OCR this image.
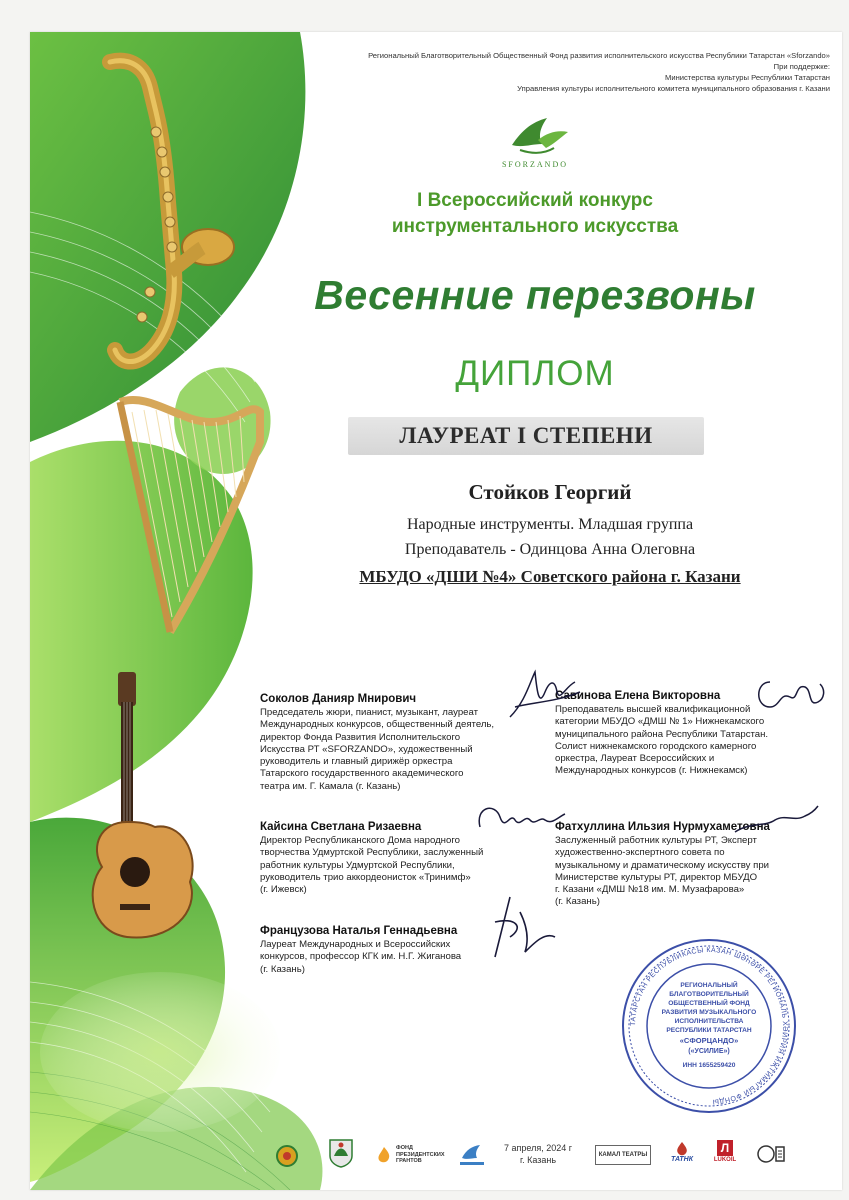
Региональный Благотворительный Общественный Фонд развития исполнительского искусства Республики Татарстан «Sforzando»
При поддержке:
Министерства культуры Республики Татарстан
Управления культуры исполнительного комитета муниципального образования г. Казани
SFORZANDO
I Всероссийский конкурс
инструментального искусства
Весенние перезвоны
ДИПЛОМ
ЛАУРЕАТ I СТЕПЕНИ
Стойков Георгий
Народные инструменты. Младшая группа
Преподаватель - Одинцова Анна Олеговна
МБУДО «ДШИ №4» Советского района г. Казани
Соколов Данияр Мнирович
Председатель жюри, пианист, музыкант, лауреат
Международных конкурсов, общественный деятель,
директор Фонда Развития Исполнительского
Искусства РТ «SFORZANDO», художественный
руководитель и главный дирижёр оркестра
Татарского государственного академического
театра им. Г. Камала (г. Казань)
Савинова Елена Викторовна
Преподаватель высшей квалификационной
категории МБУДО «ДМШ № 1» Нижнекамского
муниципального района Республики Татарстан.
Солист нижнекамского городского камерного
оркестра, Лауреат Всероссийских и
Международных конкурсов (г. Нижнекамск)
Кайсина Светлана Ризаевна
Директор Республиканского Дома народного
творчества Удмуртской Республики, заслуженный
работник культуры Удмуртской Республики,
руководитель трио аккордеонисток «Тринимф»
(г. Ижевск)
Фатхуллина Ильзия Нурмухаметовна
Заслуженный работник культуры РТ, Эксперт
художественно-экспертного совета по
музыкальному и драматическому искусству при
Министерстве культуры РТ, директор МБУДО
г. Казани «ДМШ №18 им. М. Музафарова»
(г. Казань)
Французова Наталья Геннадьевна
Лауреат Международных и Всероссийских
конкурсов, профессор КГК им. Н.Г. Жиганова
(г. Казань)
ТАТАРСТАН РЕСПУБЛИКАСЫ КАЗАН ШӘҺӘРЕ РЕГИОНАЛЬ ХӘЙРИЯ ИҖТИМАГЫЙ ФОНДЫ
РЕГИОНАЛЬНЫЙ
БЛАГОТВОРИТЕЛЬНЫЙ
ОБЩЕСТВЕННЫЙ ФОНД
РАЗВИТИЯ МУЗЫКАЛЬНОГО
ИСПОЛНИТЕЛЬСТВА
РЕСПУБЛИКИ ТАТАРСТАН
«СФОРЦАНДО»
(«УСИЛИЕ»)
ИНН 1655259420
ФОНД ПРЕЗИДЕНТСКИХ ГРАНТОВ
7 апреля, 2024 г
г. Казань	КАМАЛ ТЕАТРЫ
ТАТНК
Л
LUKOIL
